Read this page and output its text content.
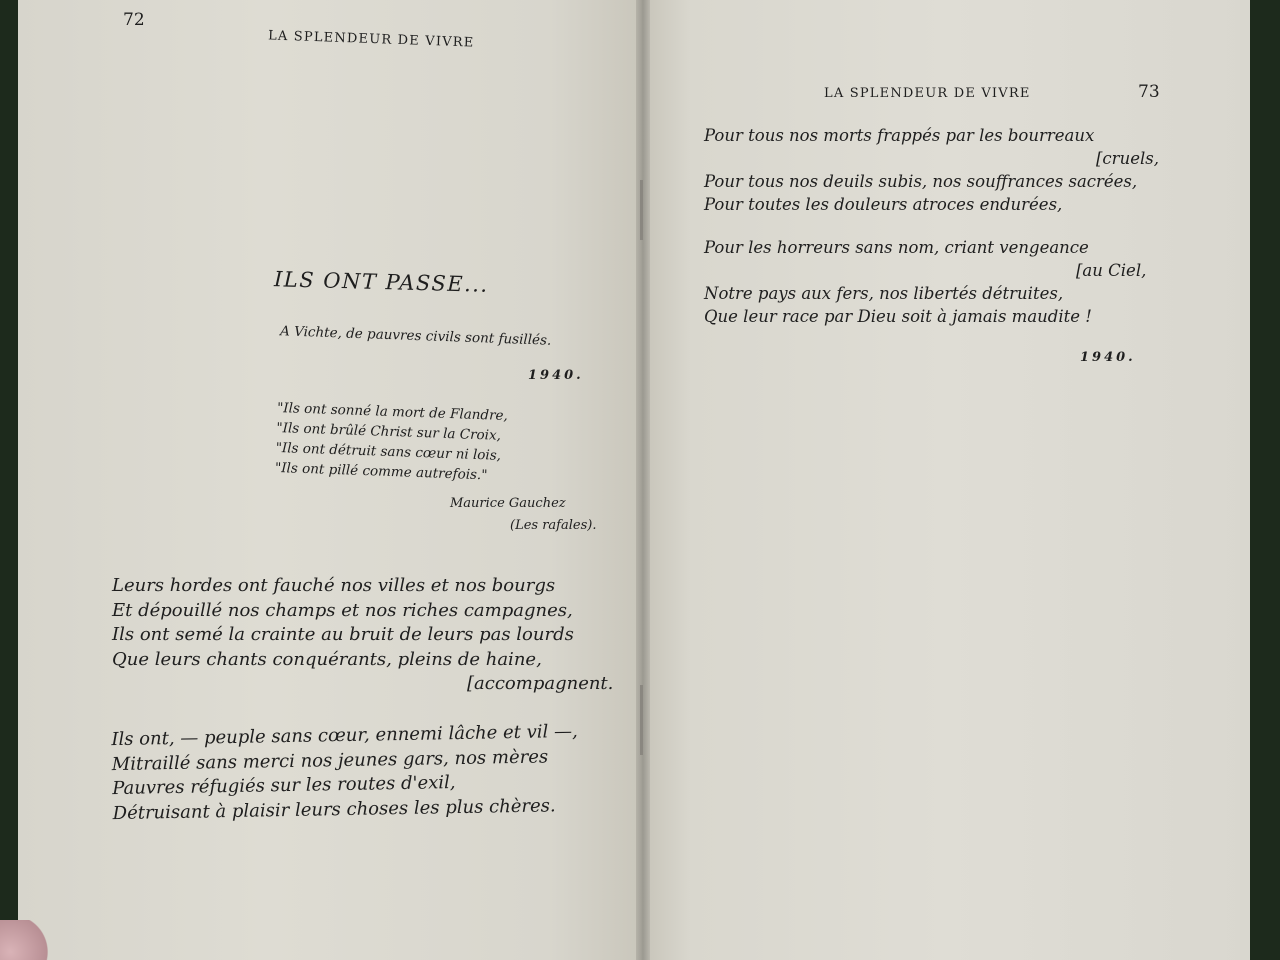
72
LA SPLENDEUR DE VIVRE
ILS ONT PASSE...
A Vichte, de pauvres civils sont fusillés.
1940.
"Ils ont sonné la mort de Flandre,
"Ils ont brûlé Christ sur la Croix,
"Ils ont détruit sans cœur ni lois,
"Ils ont pillé comme autrefois."
Maurice Gauchez
(Les rafales).
Leurs hordes ont fauché nos villes et nos bourgs
Et dépouillé nos champs et nos riches campagnes,
Ils ont semé la crainte au bruit de leurs pas lourds
Que leurs chants conquérants, pleins de haine,
[accompagnent.
Ils ont, — peuple sans cœur, ennemi lâche et vil —,
Mitraillé sans merci nos jeunes gars, nos mères
Pauvres réfugiés sur les routes d'exil,
Détruisant à plaisir leurs choses les plus chères.
LA SPLENDEUR DE VIVRE	73
Pour tous nos morts frappés par les bourreaux
[cruels,
Pour tous nos deuils subis, nos souffrances sacrées,
Pour toutes les douleurs atroces endurées,
Pour les horreurs sans nom, criant vengeance
[au Ciel,
Notre pays aux fers, nos libertés détruites,
Que leur race par Dieu soit à jamais maudite !
1940.
